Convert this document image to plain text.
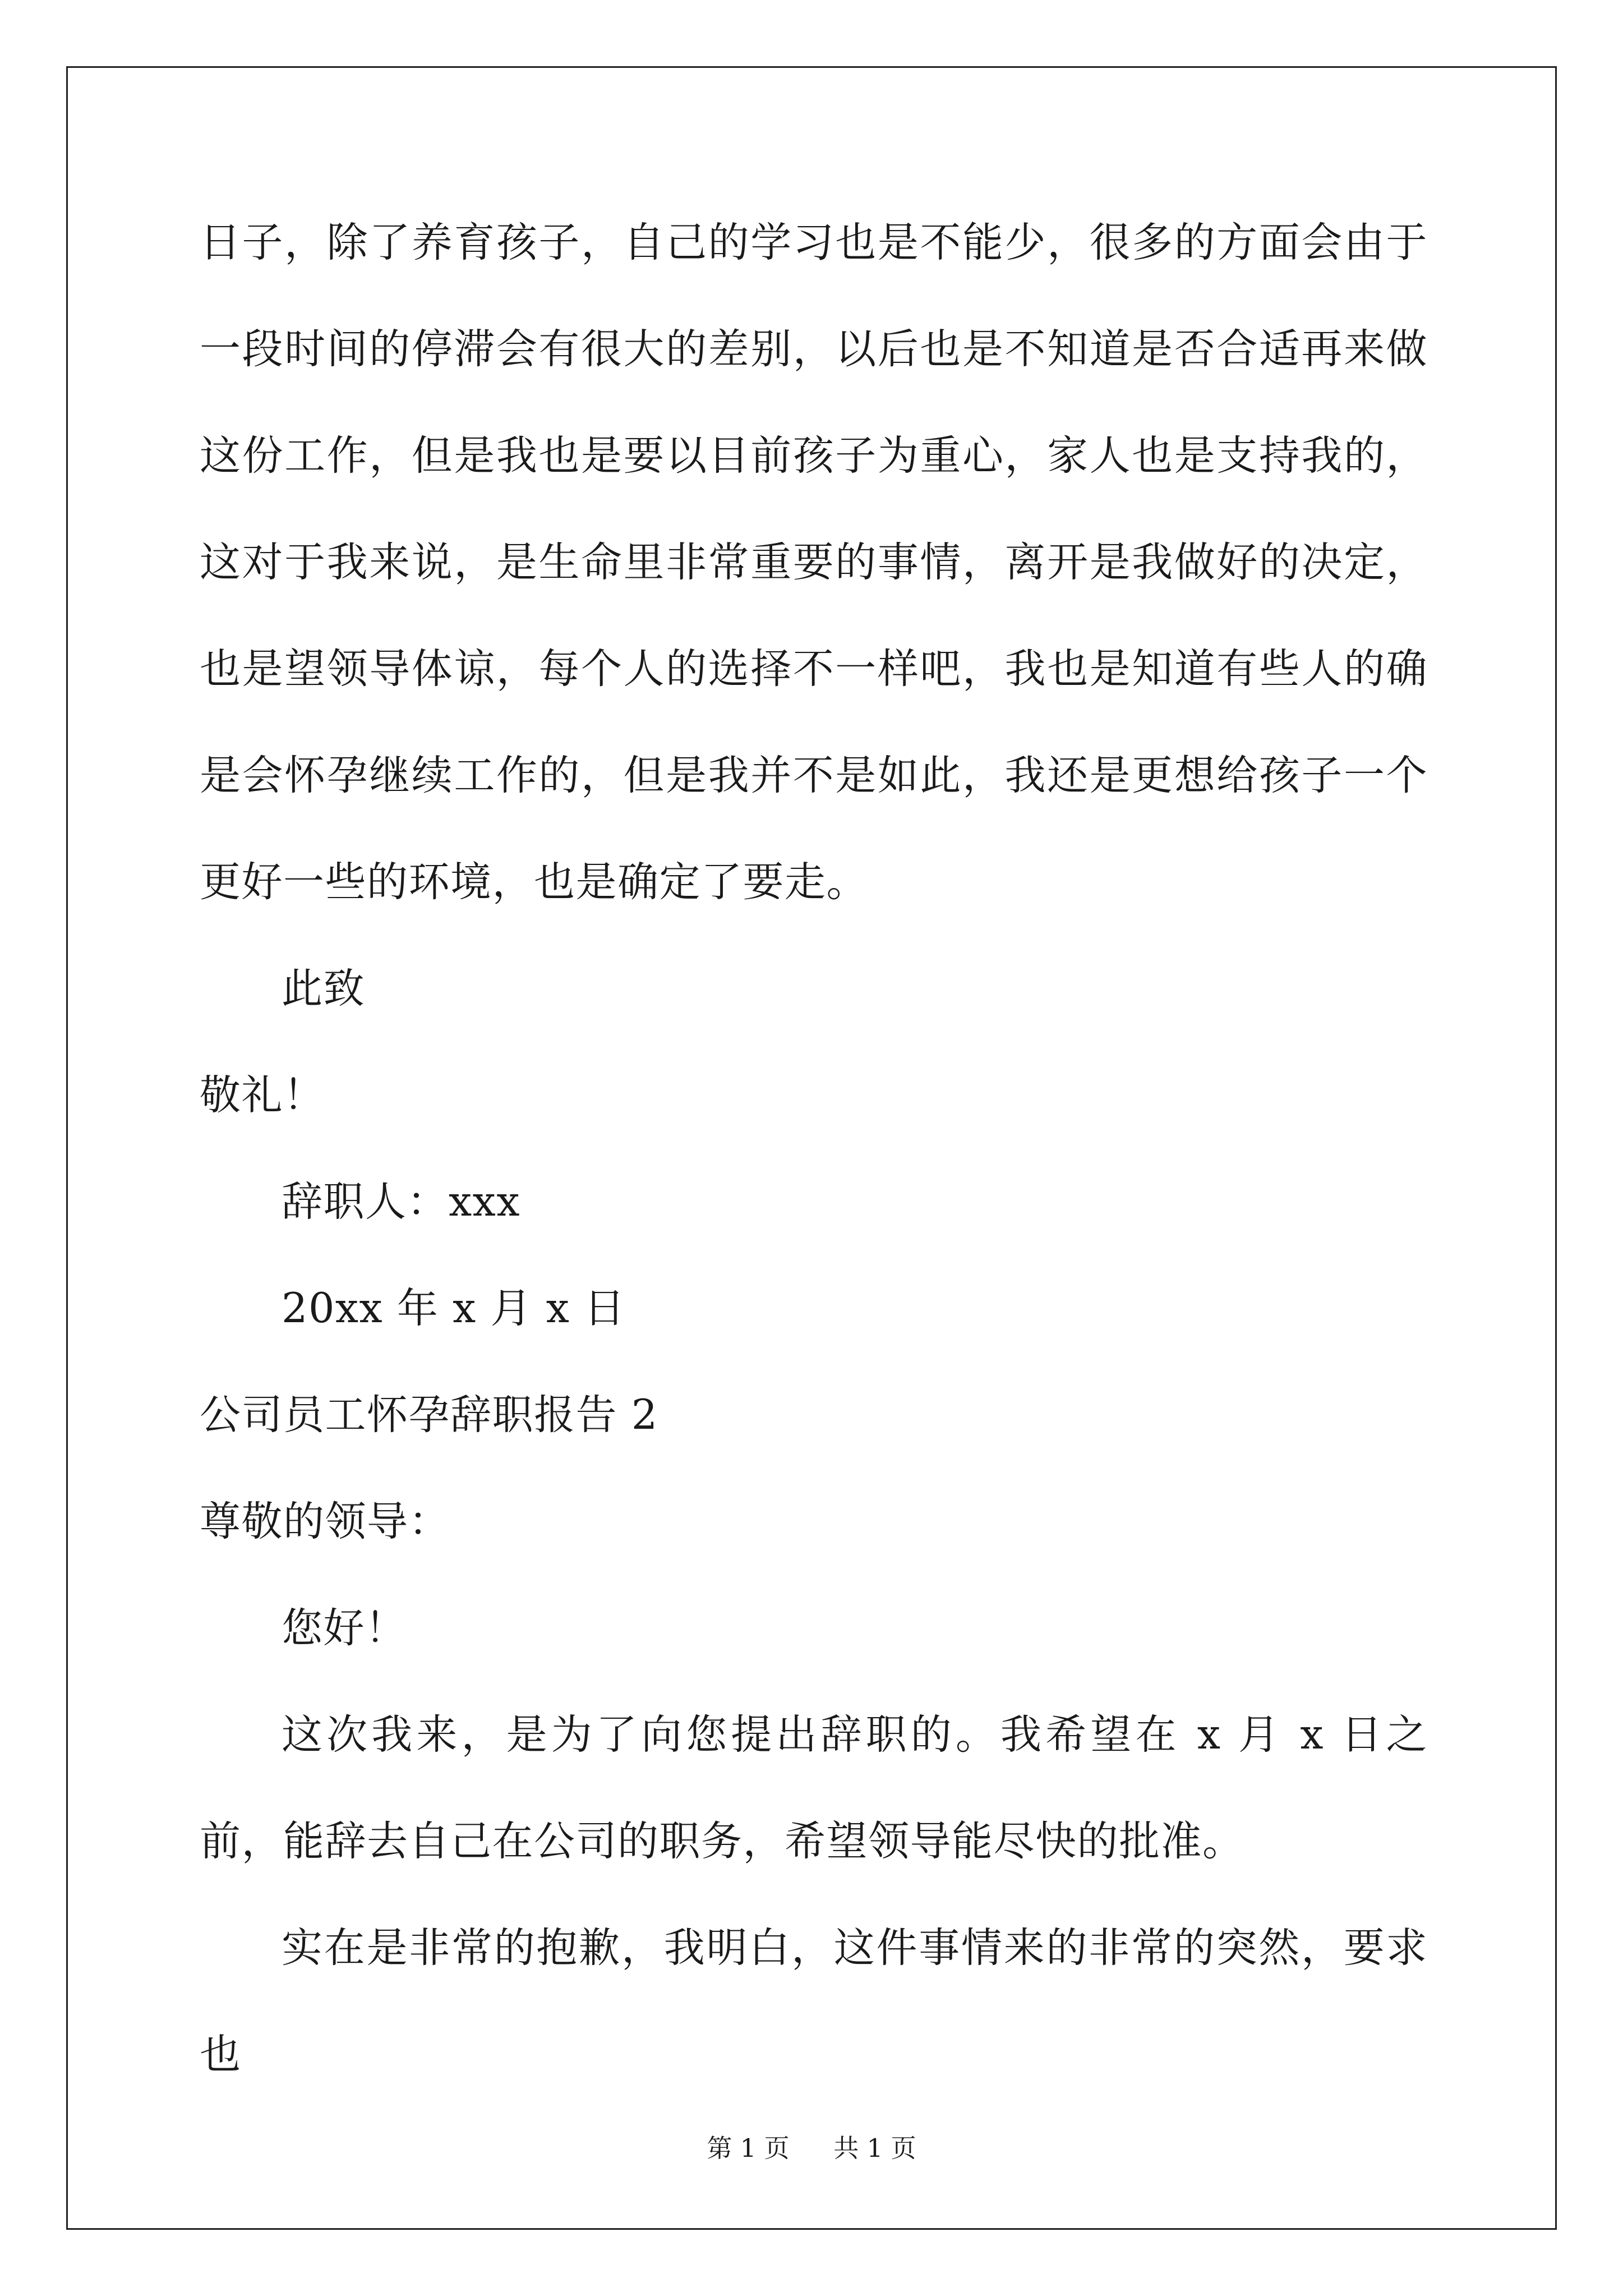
日子，除了养育孩子，自己的学习也是不能少，很多的方面会由于一段时间的停滞会有很大的差别，以后也是不知道是否合适再来做这份工作，但是我也是要以目前孩子为重心，家人也是支持我的，这对于我来说，是生命里非常重要的事情，离开是我做好的决定，也是望领导体谅，每个人的选择不一样吧，我也是知道有些人的确是会怀孕继续工作的，但是我并不是如此，我还是更想给孩子一个更好一些的环境，也是确定了要走。

此致

敬礼！

辞职人：xxx

20xx 年 x 月 x 日

公司员工怀孕辞职报告 2

尊敬的领导：

您好！

这次我来，是为了向您提出辞职的。我希望在 x 月 x 日之前，能辞去自己在公司的职务，希望领导能尽快的批准。

实在是非常的抱歉，我明白，这件事情来的非常的突然，要求也

第 1 页 共 1 页
